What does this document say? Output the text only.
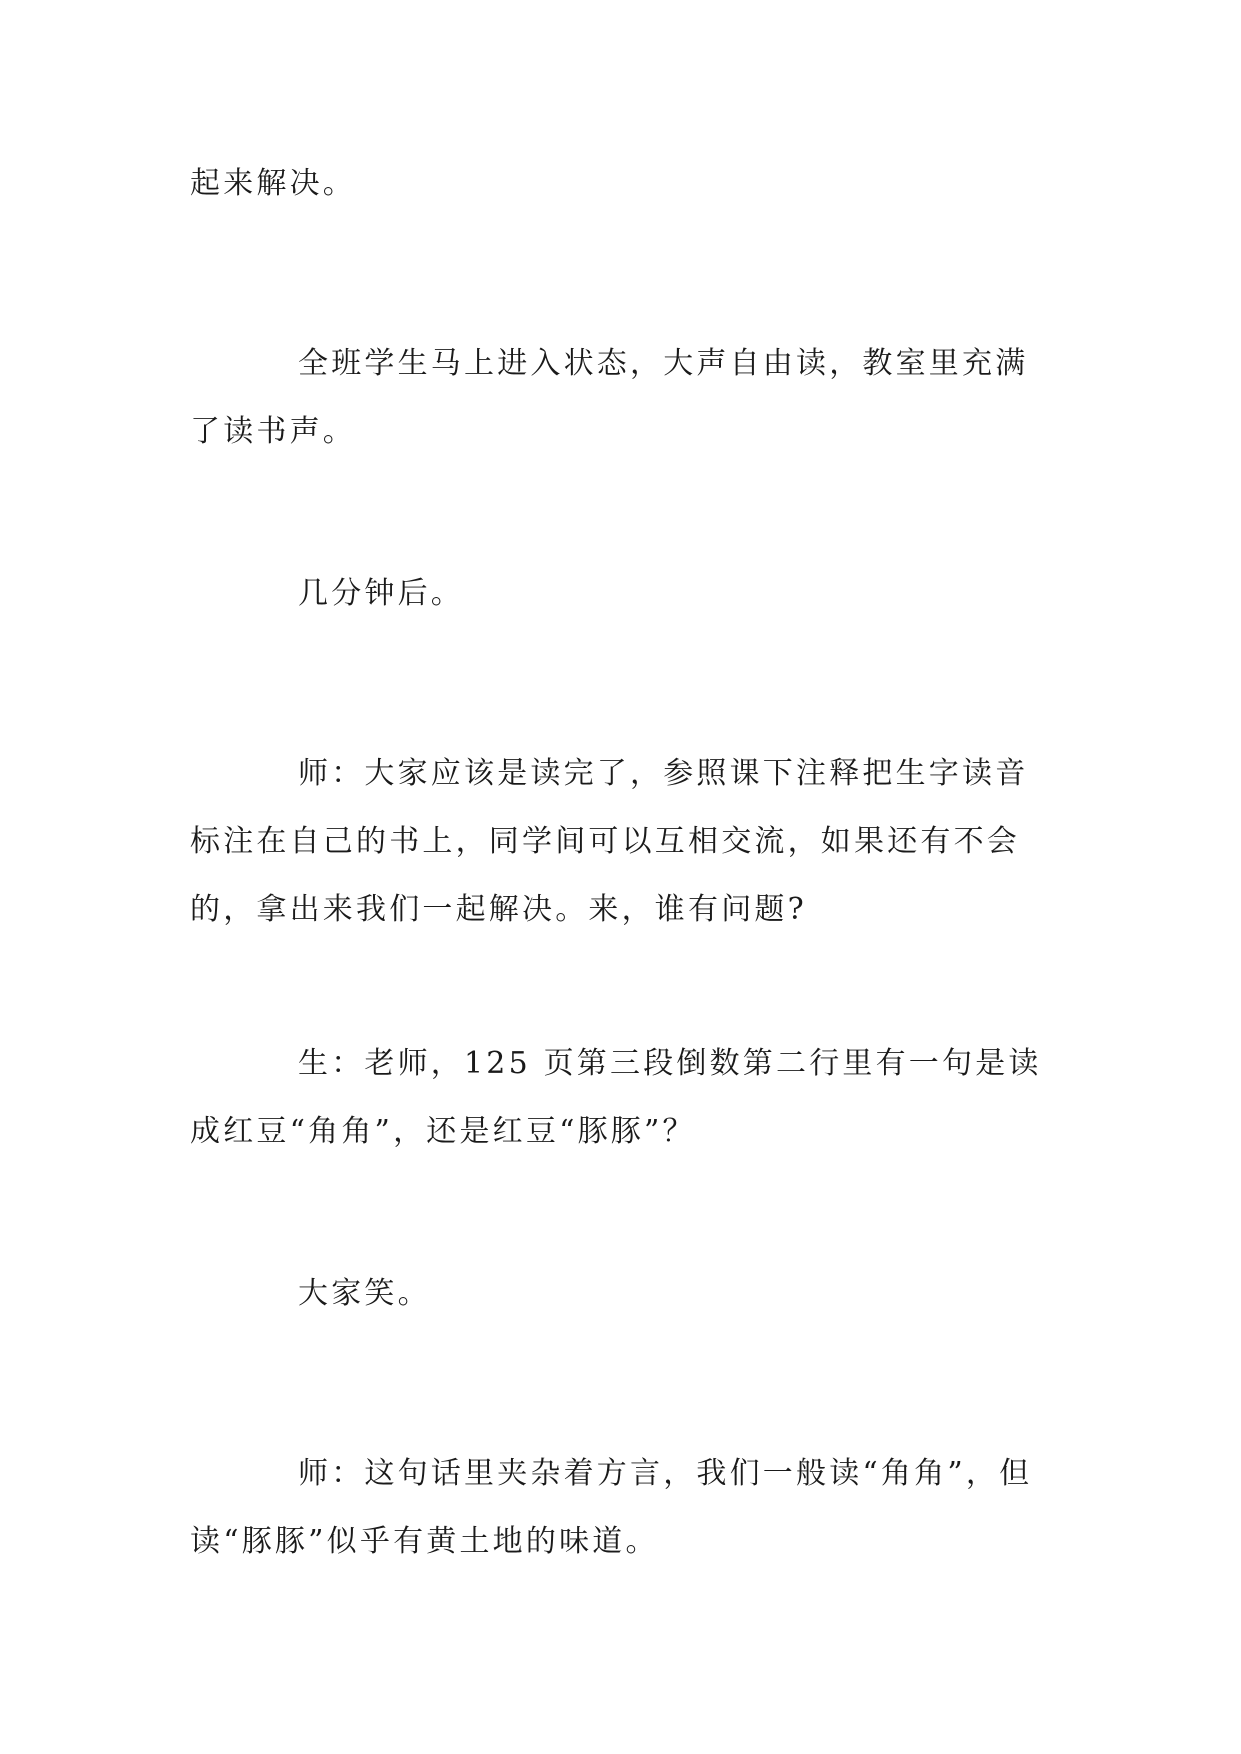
起来解决。

全班学生马上进入状态，大声自由读，教室里充满了读书声。

几分钟后。

师：大家应该是读完了，参照课下注释把生字读音标注在自己的书上，同学间可以互相交流，如果还有不会的，拿出来我们一起解决。来，谁有问题?

生：老师，125 页第三段倒数第二行里有一句是读成红豆“角角”，还是红豆“豚豚”？

大家笑。

师：这句话里夹杂着方言，我们一般读“角角”，但读“豚豚”似乎有黄土地的味道。
